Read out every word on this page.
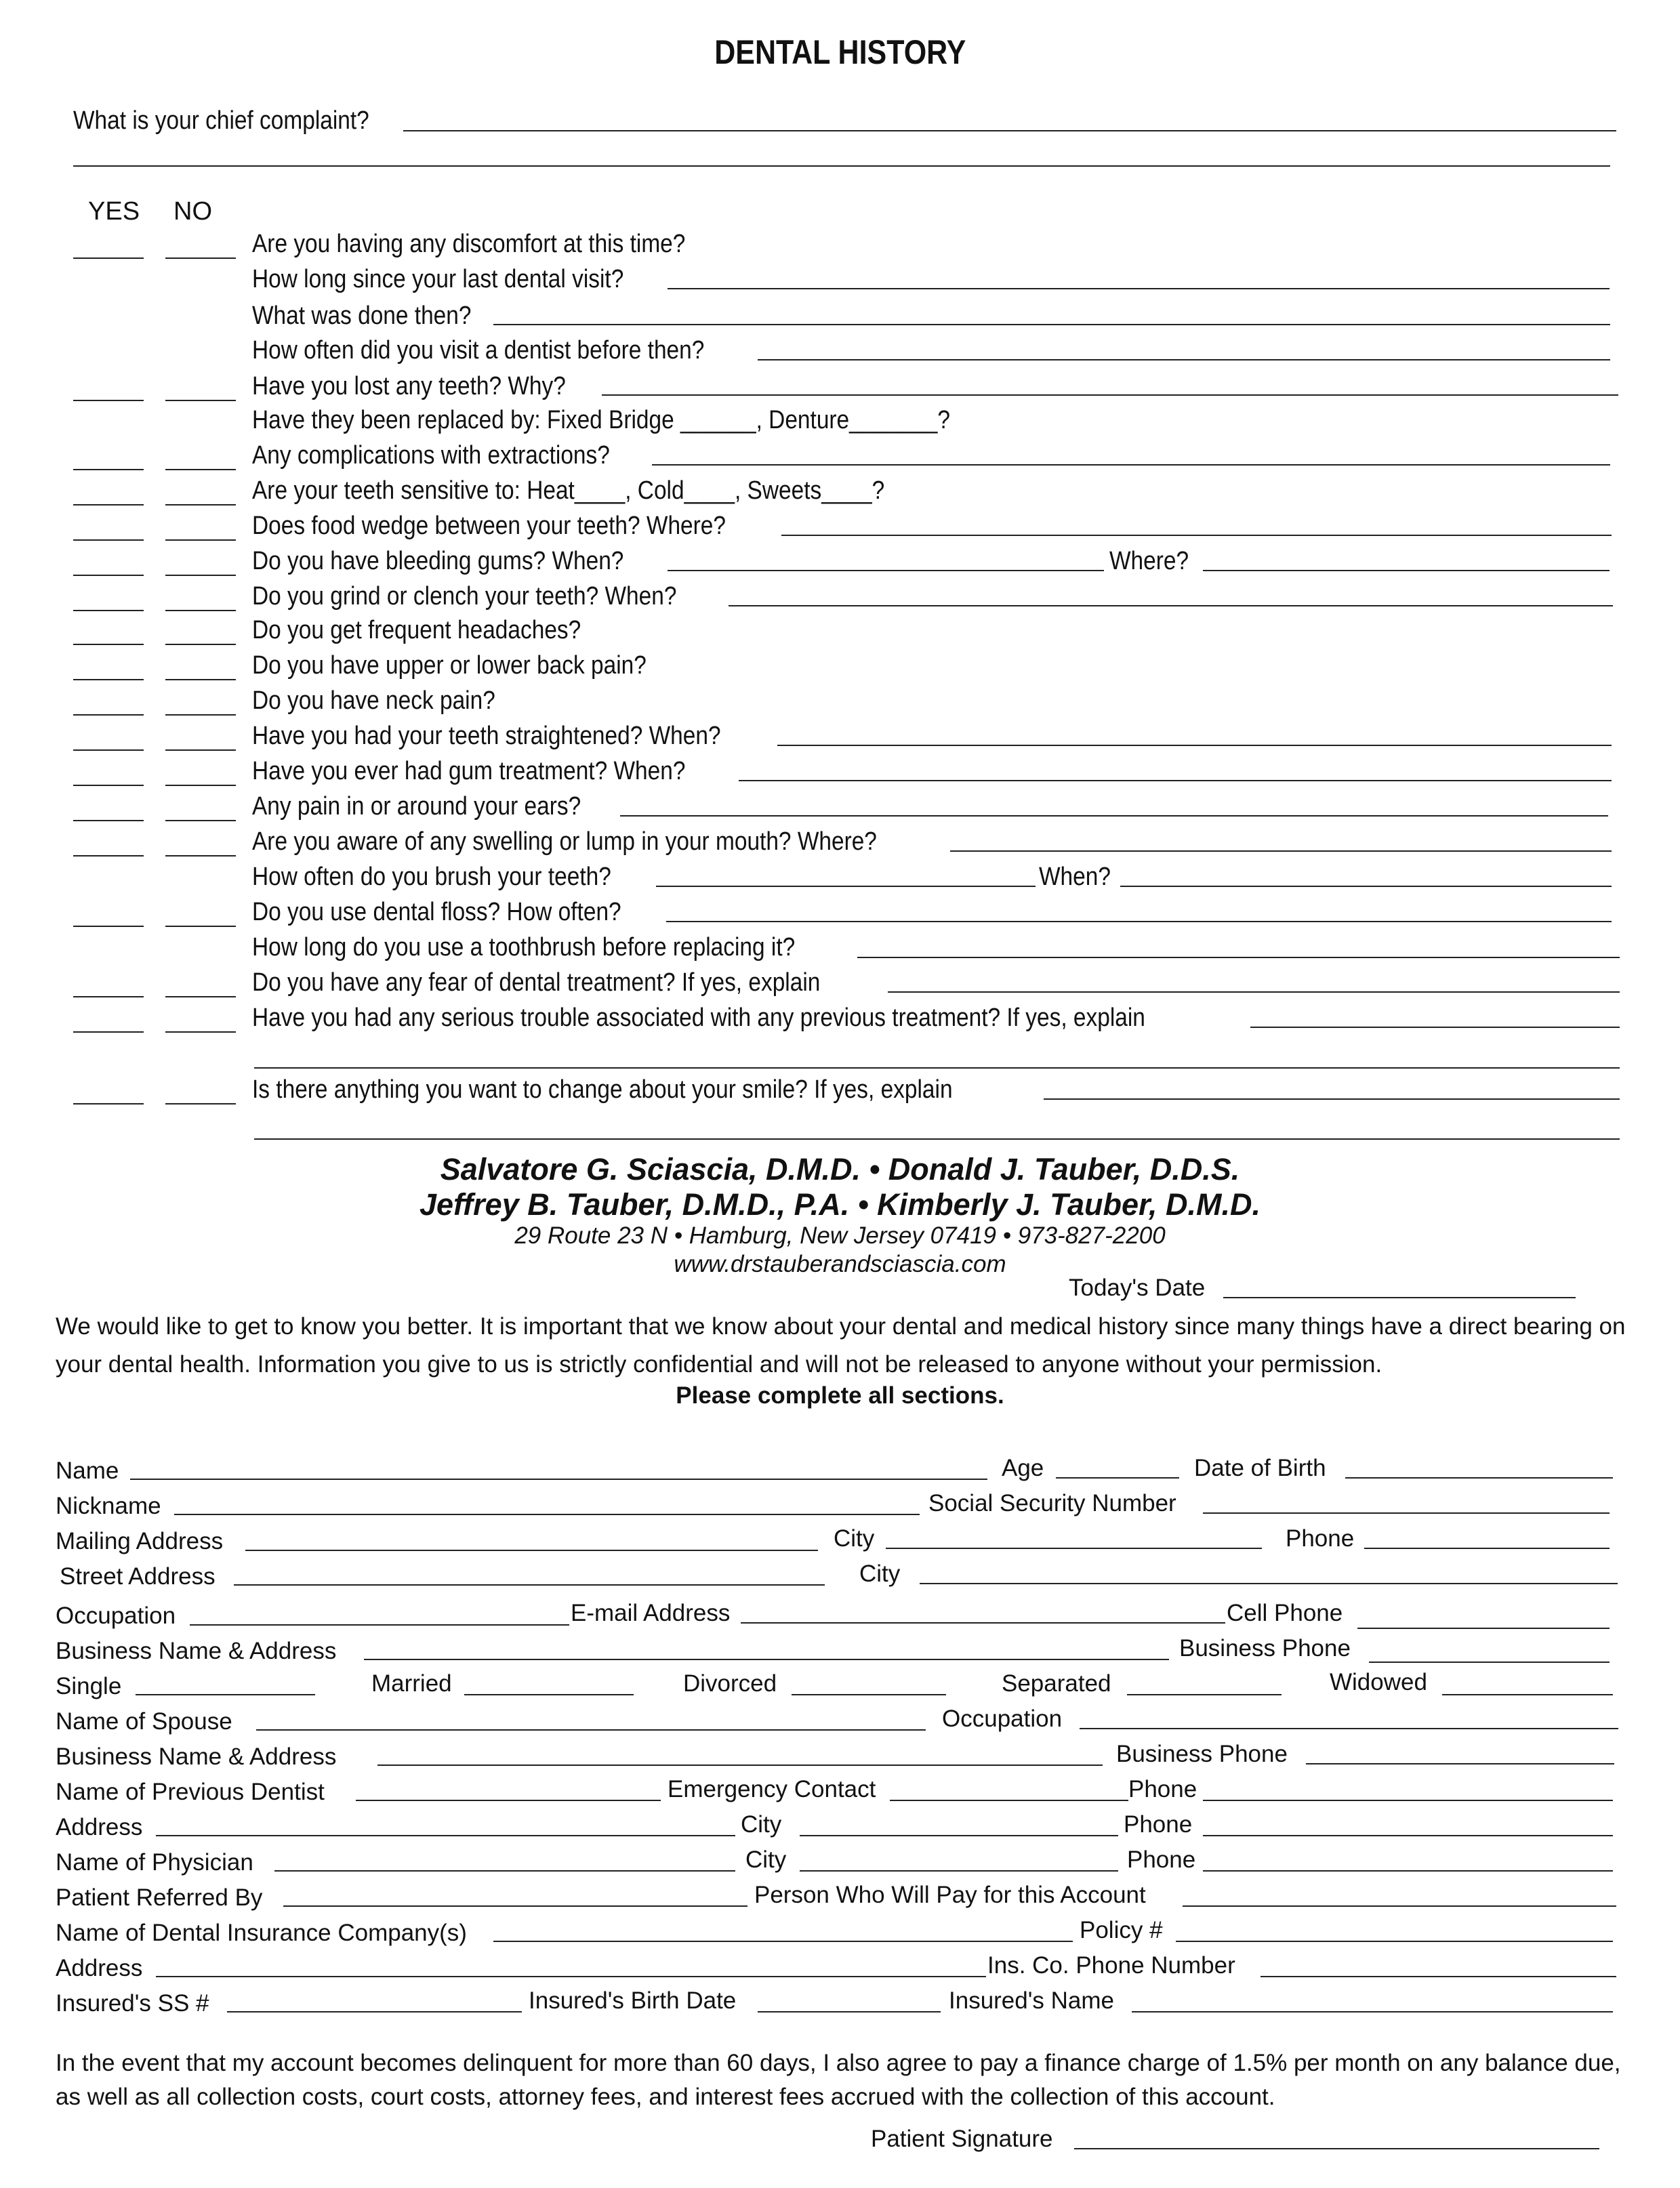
DENTAL HISTORY
What is your chief complaint?
YES NO
Are you having any discomfort at this time?
How long since your last dental visit?
What was done then?
How often did you visit a dentist before then?
Have you lost any teeth? Why?
Have they been replaced by: Fixed Bridge ______, Denture_______?
Any complications with extractions?
Are your teeth sensitive to: Heat____, Cold____, Sweets____?
Does food wedge between your teeth? Where?
Do you have bleeding gums? When?	Where?
Do you grind or clench your teeth? When?
Do you get frequent headaches?
Do you have upper or lower back pain?
Do you have neck pain?
Have you had your teeth straightened? When?
Have you ever had gum treatment? When?
Any pain in or around your ears?
Are you aware of any swelling or lump in your mouth? Where?
How often do you brush your teeth?	When?
Do you use dental floss? How often?
How long do you use a toothbrush before replacing it?
Do you have any fear of dental treatment? If yes, explain
Have you had any serious trouble associated with any previous treatment? If yes, explain
Is there anything you want to change about your smile? If yes, explain
Salvatore G. Sciascia, D.M.D. • Donald J. Tauber, D.D.S.
Jeffrey B. Tauber, D.M.D., P.A. • Kimberly J. Tauber, D.M.D.
29 Route 23 N • Hamburg, New Jersey 07419 • 973-827-2200
www.drstauberandsciascia.com
Today's Date
We would like to get to know you better. It is important that we know about your dental and medical history since many things have a direct bearing on your dental health. Information you give to us is strictly confidential and will not be released to anyone without your permission.
Please complete all sections.
Name	Age	Date of Birth
Nickname	Social Security Number
Mailing Address	City	Phone
Street Address	City
Occupation	E-mail Address	Cell Phone
Business Name & Address	Business Phone
Single	Married	Divorced	Separated	Widowed
Name of Spouse	Occupation
Business Name & Address	Business Phone
Name of Previous Dentist	Emergency Contact	Phone
Address	City	Phone
Name of Physician	City	Phone
Patient Referred By	Person Who Will Pay for this Account
Name of Dental Insurance Company(s)	Policy #
Address	Ins. Co. Phone Number
Insured's SS #	Insured's Birth Date	Insured's Name
In the event that my account becomes delinquent for more than 60 days, I also agree to pay a finance charge of 1.5% per month on any balance due, as well as all collection costs, court costs, attorney fees, and interest fees accrued with the collection of this account.
Patient Signature
